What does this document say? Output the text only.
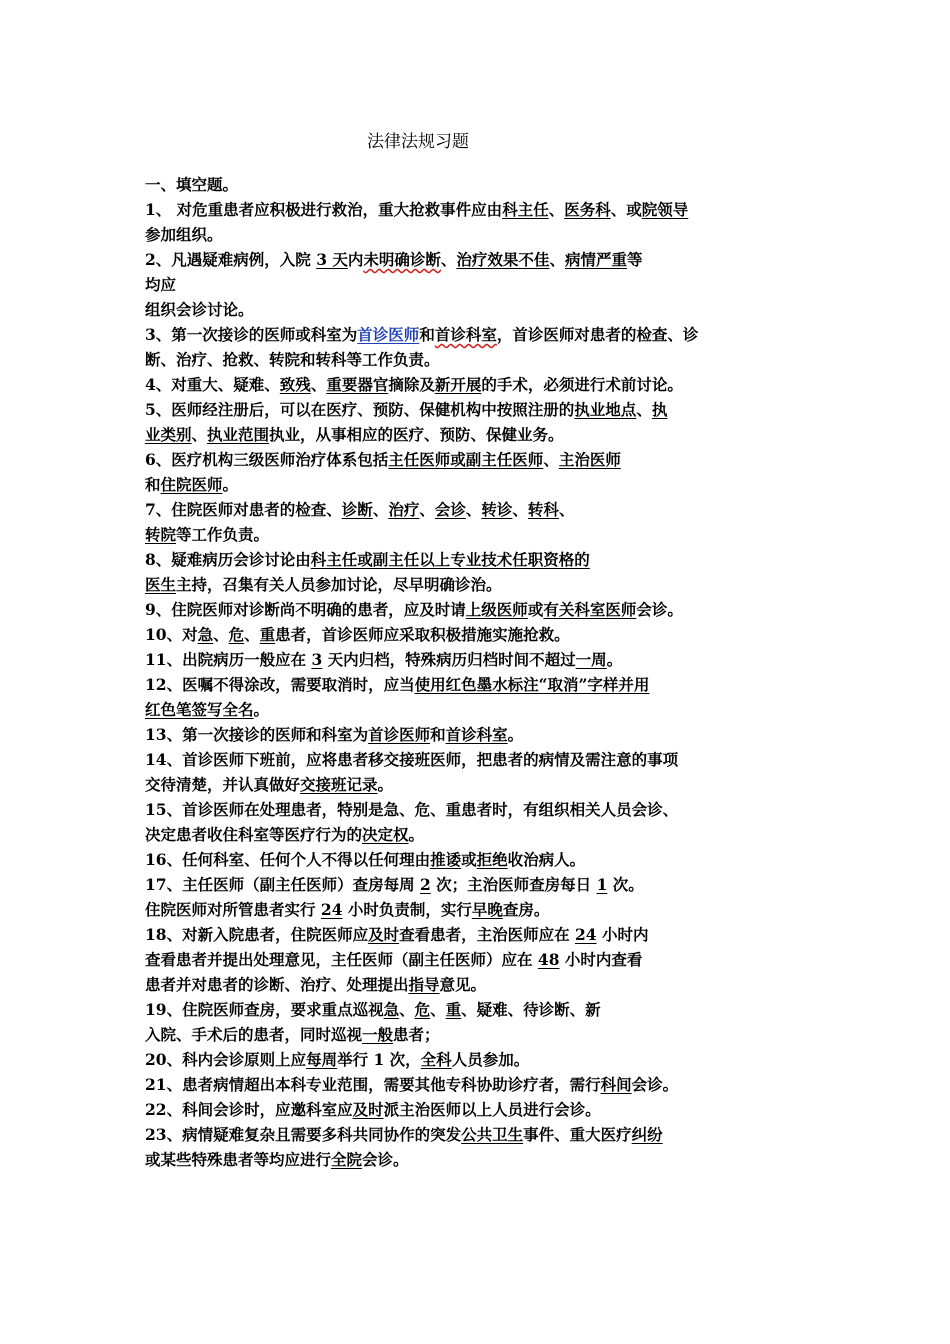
法律法规习题
一、填空题。
1、 对危重患者应积极进行救治，重大抢救事件应由科主任、医务科、或院领导
参加组织。
2、凡遇疑难病例，入院 3 天内未明确诊断、治疗效果不佳、病情严重等
均应
组织会诊讨论。
3、第一次接诊的医师或科室为首诊医师和首诊科室，首诊医师对患者的检查、诊
断、治疗、抢救、转院和转科等工作负责。
4、对重大、疑难、致残、重要器官摘除及新开展的手术，必须进行术前讨论。
5、医师经注册后，可以在医疗、预防、保健机构中按照注册的执业地点、执
业类别、执业范围执业，从事相应的医疗、预防、保健业务。
6、医疗机构三级医师治疗体系包括主任医师或副主任医师、主治医师
和住院医师。
7、住院医师对患者的检查、诊断、治疗、会诊、转诊、转科、
转院等工作负责。
8、疑难病历会诊讨论由科主任或副主任以上专业技术任职资格的
医生主持，召集有关人员参加讨论，尽早明确诊治。
9、住院医师对诊断尚不明确的患者，应及时请上级医师或有关科室医师会诊。
10、对急、危、重患者，首诊医师应采取积极措施实施抢救。
11、出院病历一般应在 3 天内归档，特殊病历归档时间不超过一周。
12、医嘱不得涂改，需要取消时，应当使用红色墨水标注“取消”字样并用
红色笔签写全名。
13、第一次接诊的医师和科室为首诊医师和首诊科室。
14、首诊医师下班前，应将患者移交接班医师，把患者的病情及需注意的事项
交待清楚，并认真做好交接班记录。
15、首诊医师在处理患者，特别是急、危、重患者时，有组织相关人员会诊、
决定患者收住科室等医疗行为的决定权。
16、任何科室、任何个人不得以任何理由推诿或拒绝收治病人。
17、主任医师（副主任医师）查房每周 2 次；主治医师查房每日 1 次。
住院医师对所管患者实行 24 小时负责制，实行早晚查房。
18、对新入院患者，住院医师应及时查看患者，主治医师应在 24 小时内
查看患者并提出处理意见，主任医师（副主任医师）应在 48 小时内查看
患者并对患者的诊断、治疗、处理提出指导意见。
19、住院医师查房，要求重点巡视急、危、重、疑难、待诊断、新
入院、手术后的患者，同时巡视一般患者；
20、科内会诊原则上应每周举行 1 次，全科人员参加。
21、患者病情超出本科专业范围，需要其他专科协助诊疗者，需行科间会诊。
22、科间会诊时，应邀科室应及时派主治医师以上人员进行会诊。
23、病情疑难复杂且需要多科共同协作的突发公共卫生事件、重大医疗纠纷
或某些特殊患者等均应进行全院会诊。
